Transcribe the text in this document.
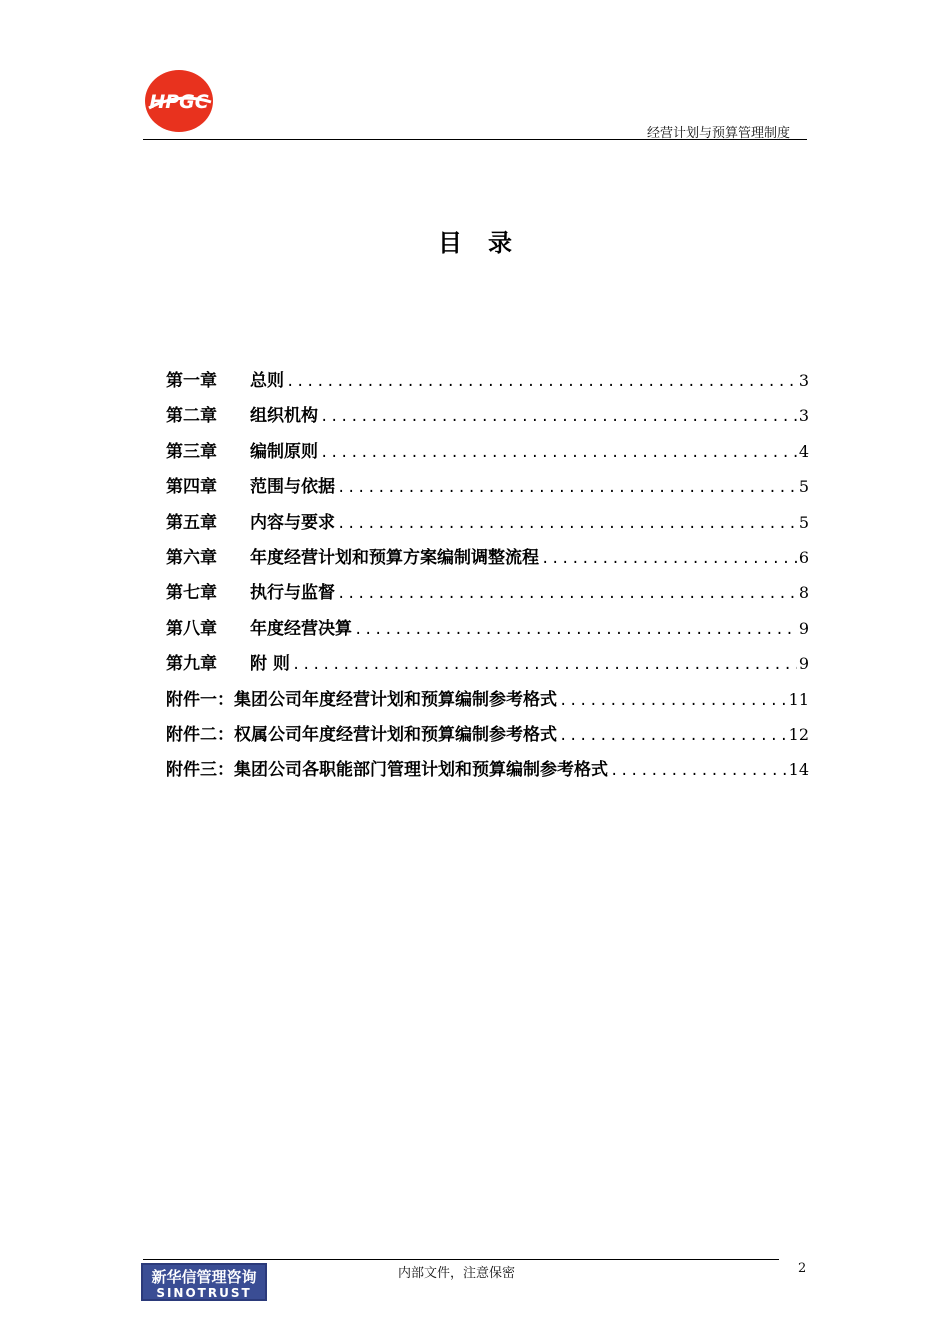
HPGC
经营计划与预算管理制度
目录
第一章	总则 .....	3
第二章	组织机构 .....	3
第三章	编制原则 .....	4
第四章	范围与依据 .....	5
第五章	内容与要求 .....	5
第六章	年度经营计划和预算方案编制调整流程 .....	6
第七章	执行与监督 .....	8
第八章	年度经营决算 .....	9
第九章	附 则 .....	9
附件一： 集团公司年度经营计划和预算编制参考格式 .....	11
附件二： 权属公司年度经营计划和预算编制参考格式 .....	12
附件三： 集团公司各职能部门管理计划和预算编制参考格式 .....	14
新华信管理咨询
SINOTRUST
内部文件，注意保密	2
